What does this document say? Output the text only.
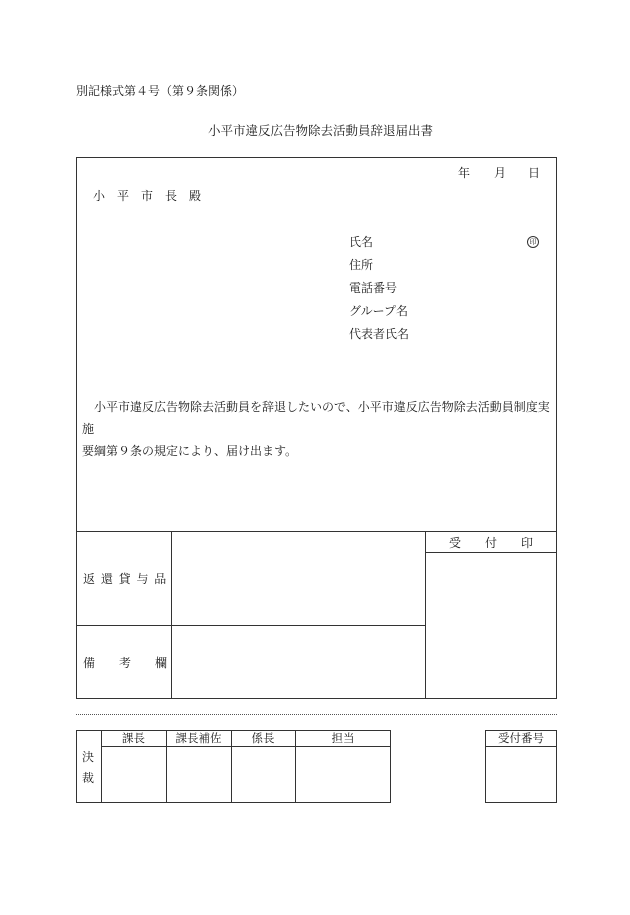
別記様式第４号（第９条関係）
小平市違反広告物除去活動員辞退届出書
年 月 日
小　平　市　長　殿
氏名	印
住所
電話番号
グループ名
代表者氏名

　小平市違反広告物除去活動員を辞退したいので、小平市違反広告物除去活動員制度実施

要綱第９条の規定により、届け出ます。

返 還 貸 与 品
備　　考　　欄
受　　付　　印
決
裁
課長	課長補佐	係長	担当	受付番号
